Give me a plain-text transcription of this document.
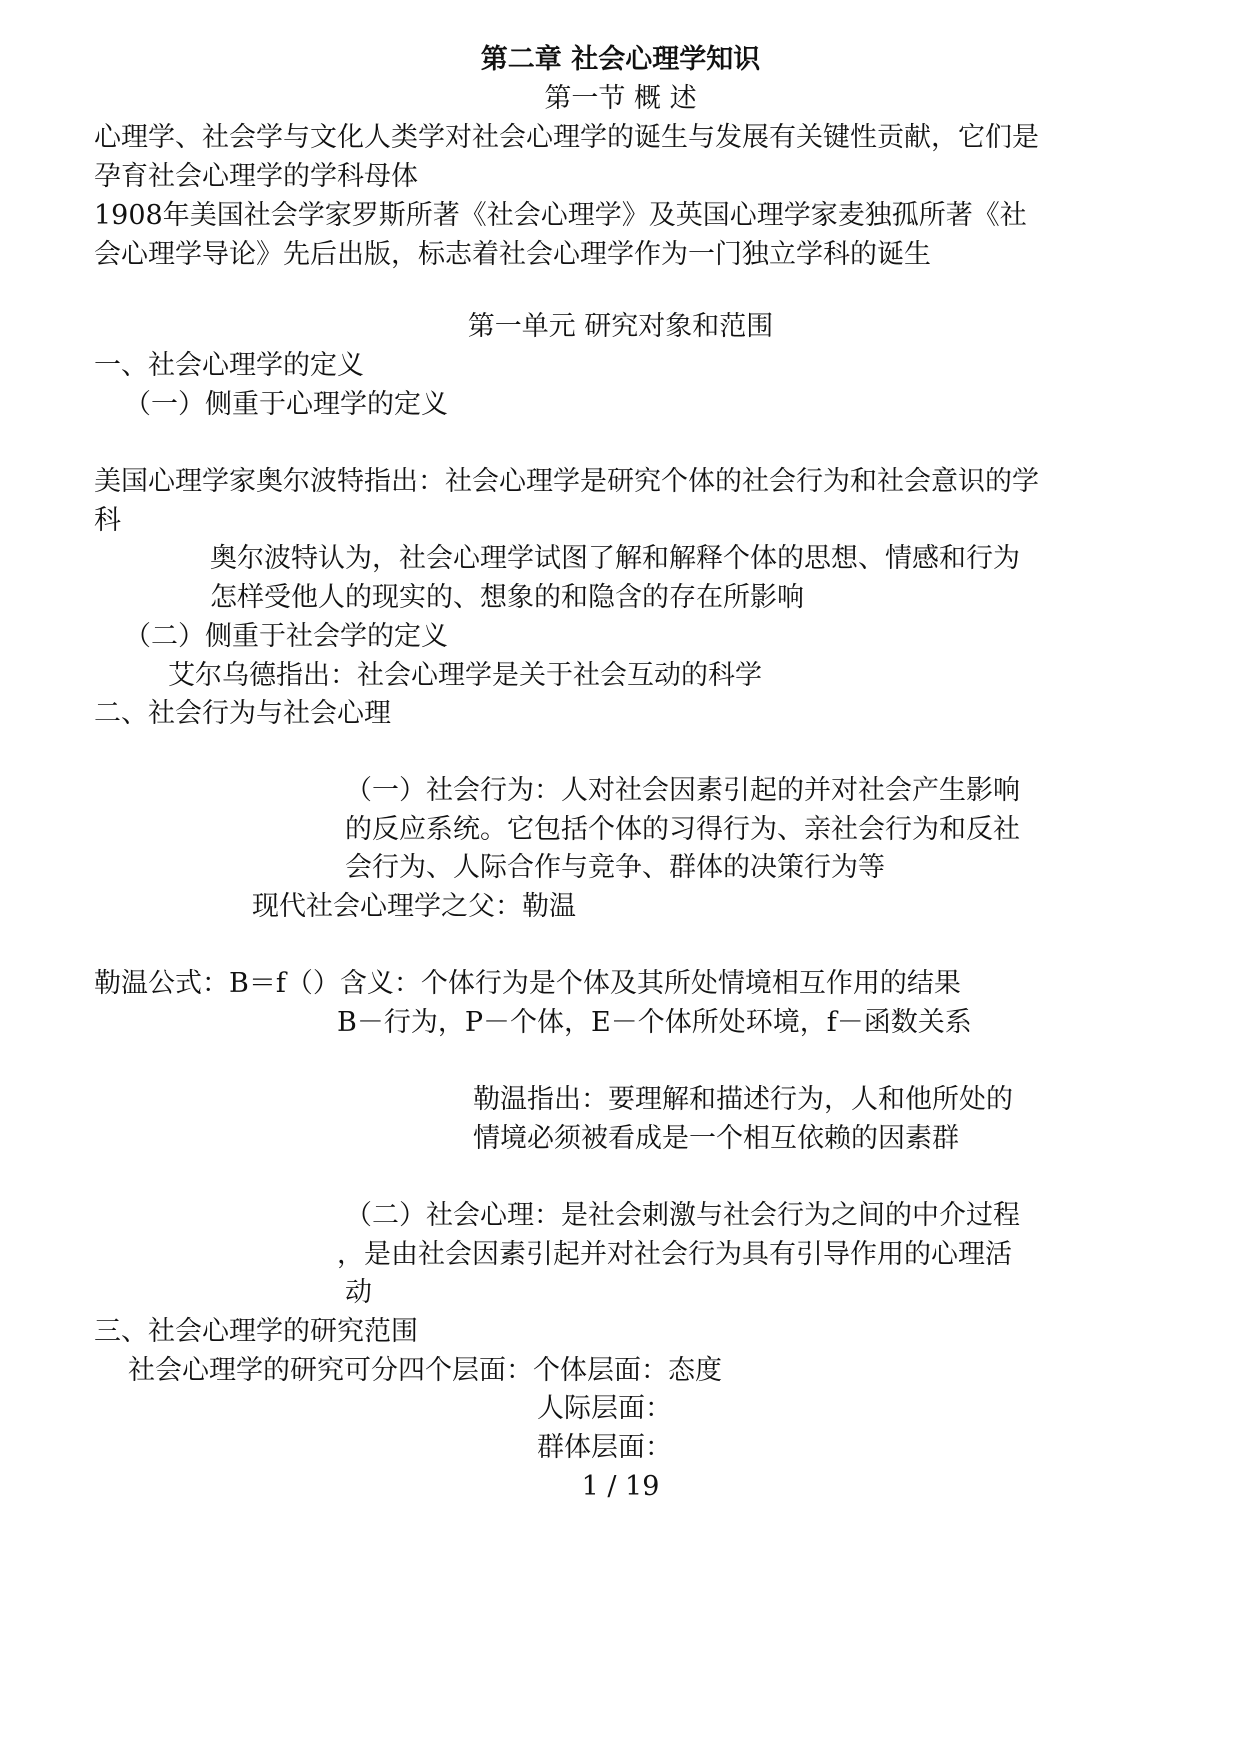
第二章 社会心理学知识
第一节 概 述
心理学、社会学与文化人类学对社会心理学的诞生与发展有关键性贡献，它们是
孕育社会心理学的学科母体
1908年美国社会学家罗斯所著《社会心理学》及英国心理学家麦独孤所著《社
会心理学导论》先后出版，标志着社会心理学作为一门独立学科的诞生
第一单元 研究对象和范围
一、社会心理学的定义
（一）侧重于心理学的定义
美国心理学家奥尔波特指出：社会心理学是研究个体的社会行为和社会意识的学
科
奥尔波特认为，社会心理学试图了解和解释个体的思想、情感和行为
怎样受他人的现实的、想象的和隐含的存在所影响
（二）侧重于社会学的定义
艾尔乌德指出：社会心理学是关于社会互动的科学
二、社会行为与社会心理
（一）社会行为：人对社会因素引起的并对社会产生影响
的反应系统。它包括个体的习得行为、亲社会行为和反社
会行为、人际合作与竞争、群体的决策行为等
现代社会心理学之父：勒温
勒温公式：B＝f（）含义：个体行为是个体及其所处情境相互作用的结果
B－行为，P－个体，E－个体所处环境，f－函数关系
勒温指出：要理解和描述行为，人和他所处的
情境必须被看成是一个相互依赖的因素群
（二）社会心理：是社会刺激与社会行为之间的中介过程
，是由社会因素引起并对社会行为具有引导作用的心理活
动
三、社会心理学的研究范围
社会心理学的研究可分四个层面：个体层面：态度
人际层面：
群体层面：
1 / 19
